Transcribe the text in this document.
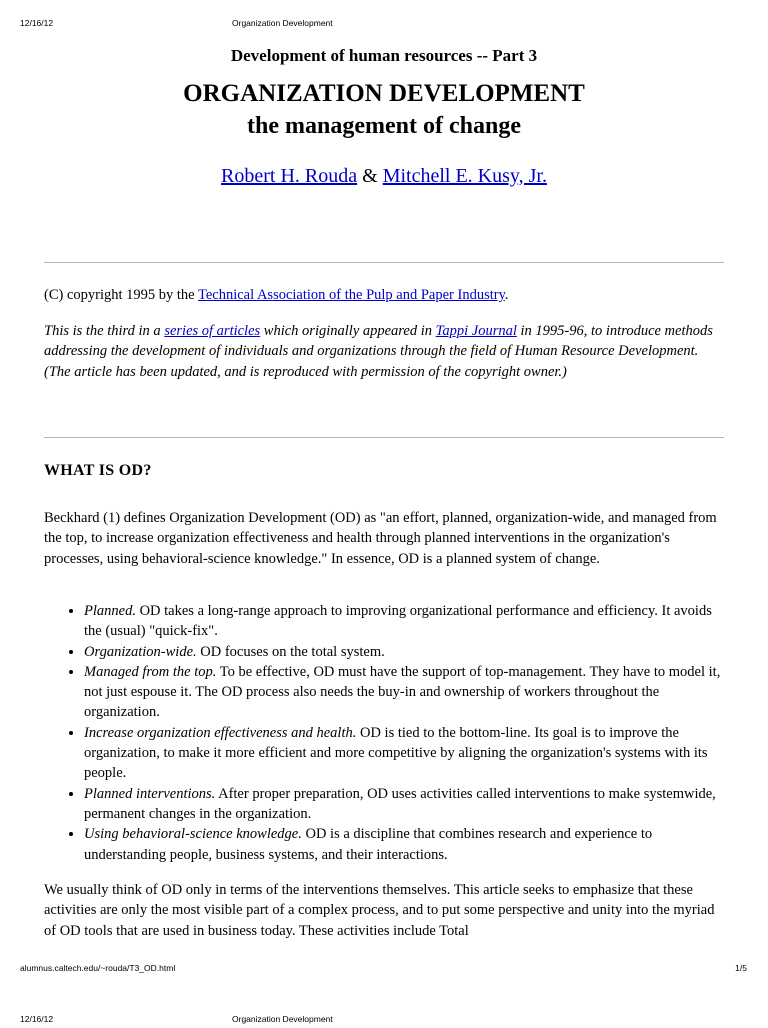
12/16/12	Organization Development
Development of human resources -- Part 3
ORGANIZATION DEVELOPMENT
the management of change
Robert H. Rouda & Mitchell E. Kusy, Jr.

(C) copyright 1995 by the Technical Association of the Pulp and Paper Industry.

This is the third in a series of articles which originally appeared in Tappi Journal in 1995-96, to introduce methods addressing the development of individuals and organizations through the field of Human Resource Development. (The article has been updated, and is reproduced with permission of the copyright owner.)

WHAT IS OD?

Beckhard (1) defines Organization Development (OD) as "an effort, planned, organization-wide, and managed from the top, to increase organization effectiveness and health through planned interventions in the organization's processes, using behavioral-science knowledge." In essence, OD is a planned system of change.

• Planned. OD takes a long-range approach to improving organizational performance and efficiency. It avoids the (usual) "quick-fix".
• Organization-wide. OD focuses on the total system.
• Managed from the top. To be effective, OD must have the support of top-management. They have to model it, not just espouse it. The OD process also needs the buy-in and ownership of workers throughout the organization.
• Increase organization effectiveness and health. OD is tied to the bottom-line. Its goal is to improve the organization, to make it more efficient and more competitive by aligning the organization's systems with its people.
• Planned interventions. After proper preparation, OD uses activities called interventions to make systemwide, permanent changes in the organization.
• Using behavioral-science knowledge. OD is a discipline that combines research and experience to understanding people, business systems, and their interactions.

We usually think of OD only in terms of the interventions themselves. This article seeks to emphasize that these activities are only the most visible part of a complex process, and to put some perspective and unity into the myriad of OD tools that are used in business today. These activities include Total

alumnus.caltech.edu/~rouda/T3_OD.html	1/5
12/16/12	Organization Development
